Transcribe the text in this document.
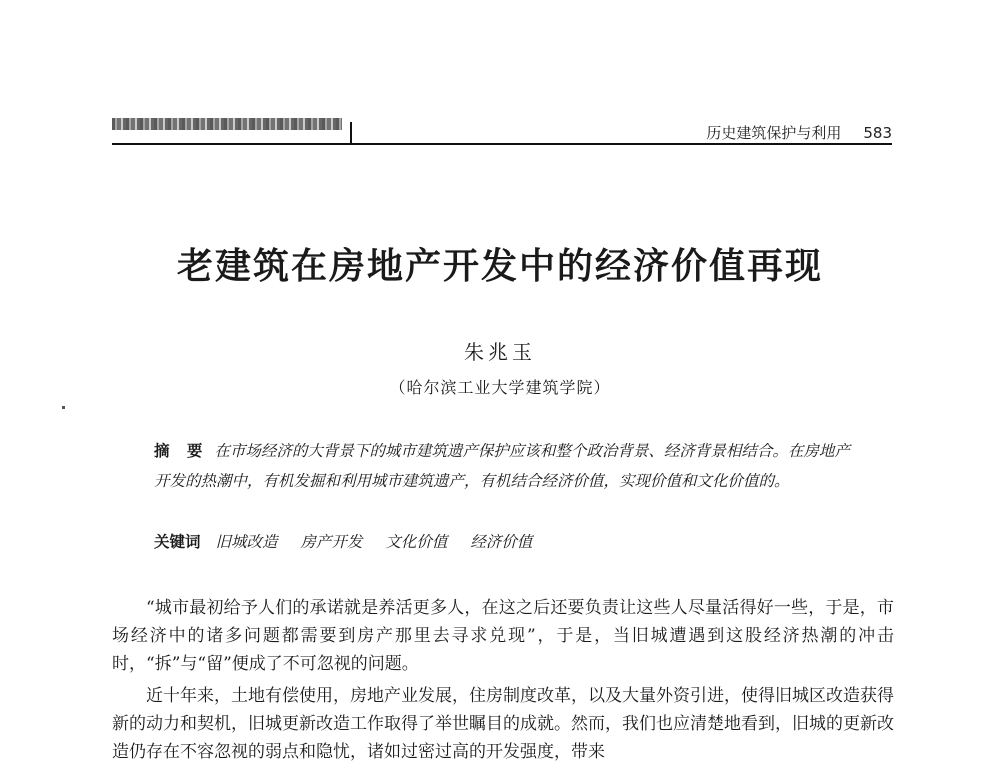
历史建筑保护与利用 583
老建筑在房地产开发中的经济价值再现
朱兆玉
（哈尔滨工业大学建筑学院）
摘 要 在市场经济的大背景下的城市建筑遗产保护应该和整个政治背景、经济背景相结合。在房地产开发的热潮中，有机发掘和利用城市建筑遗产，有机结合经济价值，实现价值和文化价值的。
关键词 旧城改造 房产开发 文化价值 经济价值

“城市最初给予人们的承诺就是养活更多人，在这之后还要负责让这些人尽量活得好一些，于是，市场经济中的诸多问题都需要到房产那里去寻求兑现”，于是，当旧城遭遇到这股经济热潮的冲击时，“拆”与“留”便成了不可忽视的问题。

近十年来，土地有偿使用，房地产业发展，住房制度改革，以及大量外资引进，使得旧城区改造获得新的动力和契机，旧城更新改造工作取得了举世瞩目的成就。然而，我们也应清楚地看到，旧城的更新改造仍存在不容忽视的弱点和隐忧，诸如过密过高的开发强度，带来
